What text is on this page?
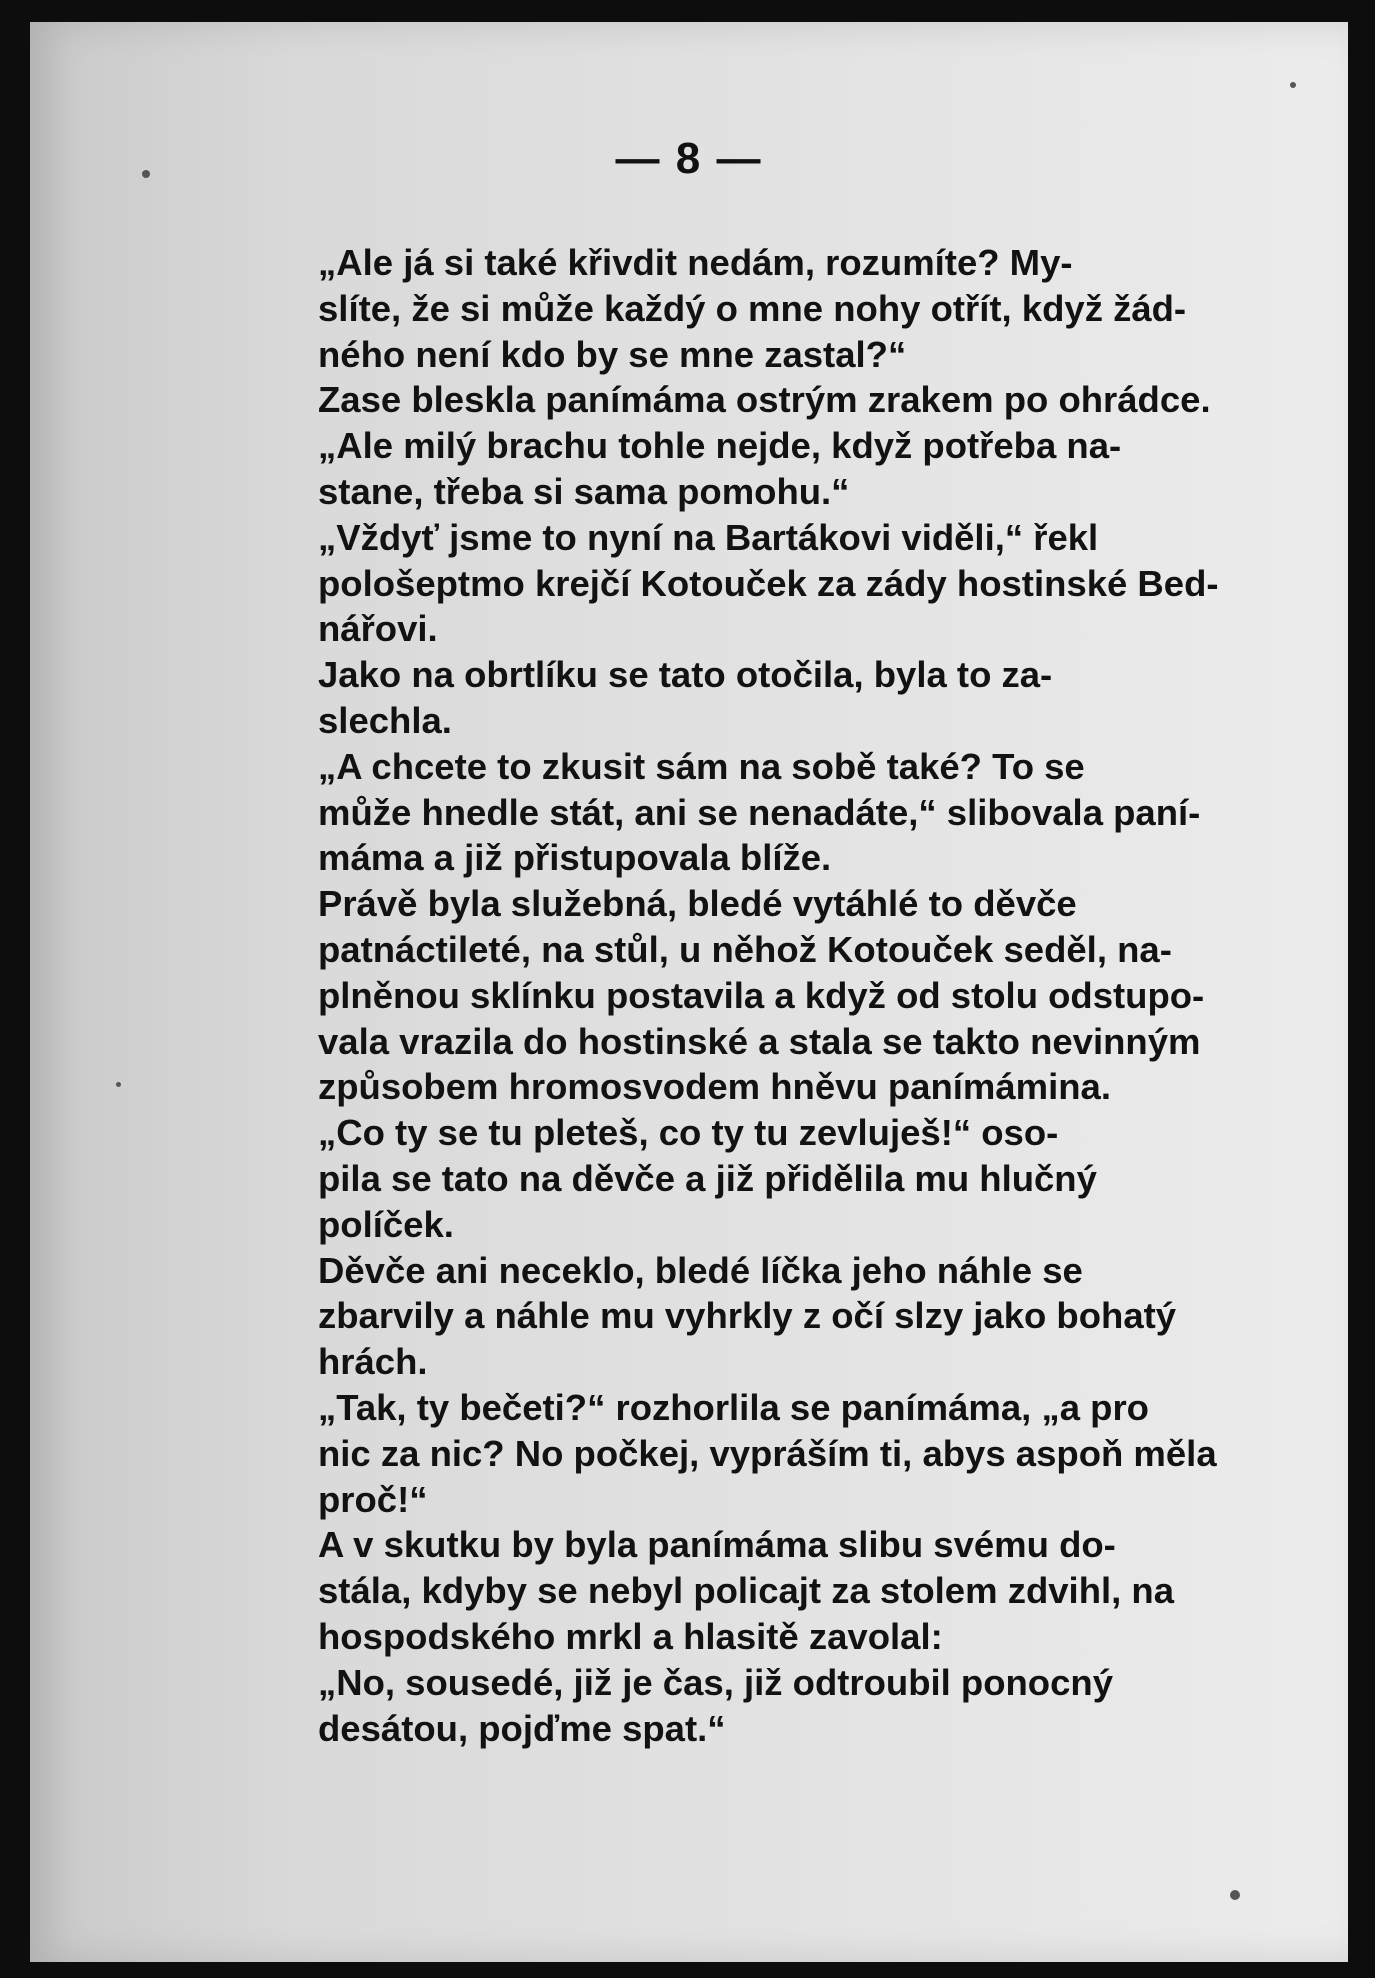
— 8 —

„Ale já si také křivdit nedám, rozumíte? My-
slíte, že si může každý o mne nohy otřít, když žád-
ného není kdo by se mne zastal?“

Zase bleskla panímáma ostrým zrakem po ohrádce.
„Ale milý brachu tohle nejde, když potřeba na-
stane, třeba si sama pomohu.“

„Vždyť jsme to nyní na Bartákovi viděli,“ řekl
pološeptmo krejčí Kotouček za zády hostinské Bed-
nářovi.

Jako na obrtlíku se tato otočila, byla to za-
slechla.

„A chcete to zkusit sám na sobě také? To se
může hnedle stát, ani se nenadáte,“ slibovala paní-
máma a již přistupovala blíže.

Právě byla služebná, bledé vytáhlé to děvče
patnáctileté, na stůl, u něhož Kotouček seděl, na-
plněnou sklínku postavila a když od stolu odstupo-
vala vrazila do hostinské a stala se takto nevinným
způsobem hromosvodem hněvu panímámina.

„Co ty se tu pleteš, co ty tu zevluješ!“ oso-
pila se tato na děvče a již přidělila mu hlučný
políček.

Děvče ani neceklo, bledé líčka jeho náhle se
zbarvily a náhle mu vyhrkly z očí slzy jako bohatý
hrách.

„Tak, ty bečeti?“ rozhorlila se panímáma, „a pro
nic za nic? No počkej, vypráším ti, abys aspoň měla
proč!“

A v skutku by byla panímáma slibu svému do-
stála, kdyby se nebyl policajt za stolem zdvihl, na
hospodského mrkl a hlasitě zavolal:

„No, sousedé, již je čas, již odtroubil ponocný
desátou, pojďme spat.“
